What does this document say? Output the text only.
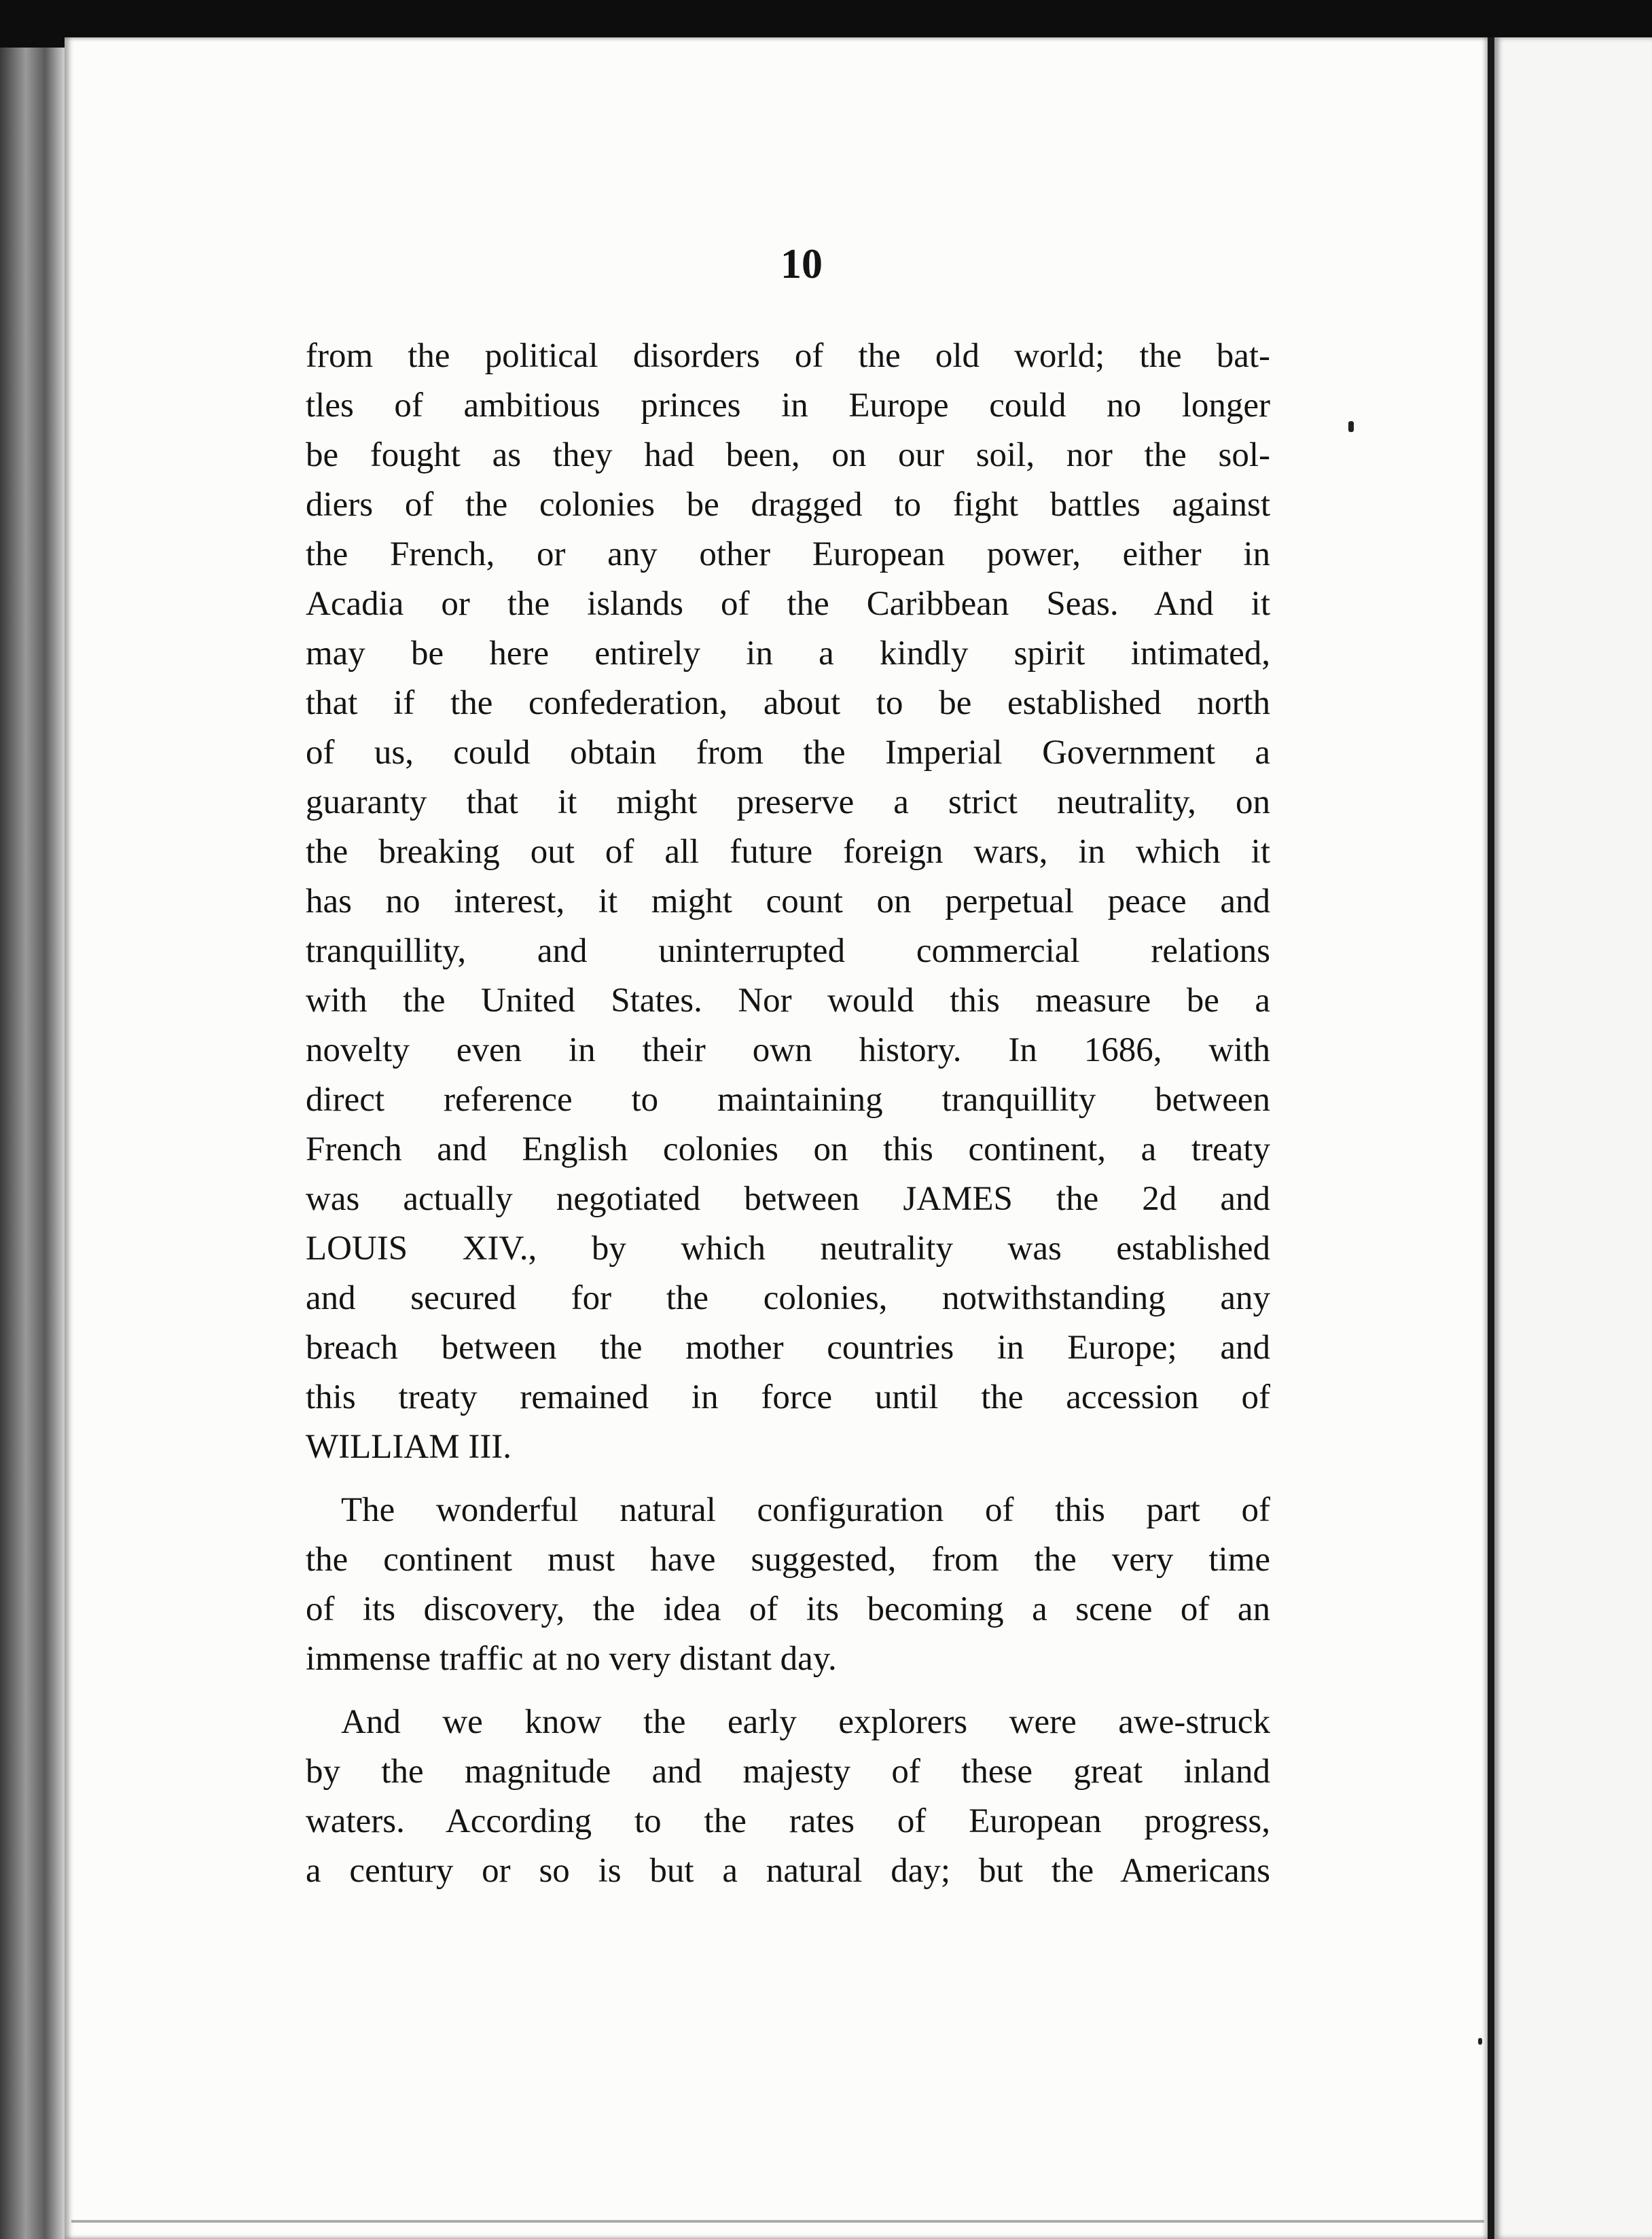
10
from the political disorders of the old world; the bat-
tles of ambitious princes in Europe could no longer
be fought as they had been, on our soil, nor the sol-
diers of the colonies be dragged to fight battles against
the French, or any other European power, either in
Acadia or the islands of the Caribbean Seas. And it
may be here entirely in a kindly spirit intimated,
that if the confederation, about to be established north
of us, could obtain from the Imperial Government a
guaranty that it might preserve a strict neutrality, on
the breaking out of all future foreign wars, in which it
has no interest, it might count on perpetual peace and
tranquillity, and uninterrupted commercial relations
with the United States. Nor would this measure be a
novelty even in their own history. In 1686, with
direct reference to maintaining tranquillity between
French and English colonies on this continent, a treaty
was actually negotiated between JAMES the 2d and
LOUIS XIV., by which neutrality was established
and secured for the colonies, notwithstanding any
breach between the mother countries in Europe; and
this treaty remained in force until the accession of
WILLIAM III.
The wonderful natural configuration of this part of
the continent must have suggested, from the very time
of its discovery, the idea of its becoming a scene of an
immense traffic at no very distant day.
And we know the early explorers were awe-struck
by the magnitude and majesty of these great inland
waters. According to the rates of European progress,
a century or so is but a natural day; but the Americans
